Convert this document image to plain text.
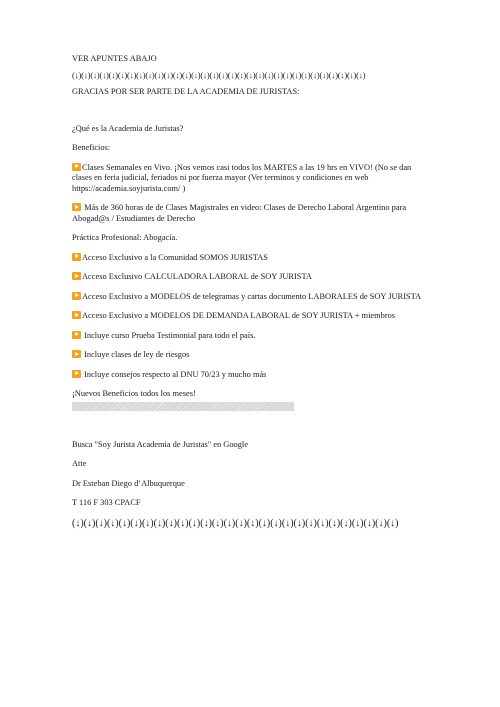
VER APUNTES ABAJO

(↓)(↓)(↓)(↓)(↓)(↓)(↓)(↓)(↓)(↓)(↓)(↓)(↓)(↓)(↓)(↓)(↓)(↓)(↓)(↓)(↓)(↓)(↓)(↓)(↓)(↓)(↓)(↓)(↓)(↓)(↓)(↓)

GRACIAS POR SER PARTE DE LA ACADEMIA DE JURISTAS:

¿Qué es la Academia de Juristas?

Beneficios:

Clases Semanales en Vivo. ¡Nos vemos casi todos los MARTES a las 19 hrs en VIVO! (No se dan clases en feria judicial, feriados ni por fuerza mayor (Ver terminos y condiciones en web https://academia.soyjurista.com/ )

Más de 360 horas de de Clases Magistrales en video: Clases de Derecho Laboral Argentino para Abogad@s / Estudiantes de Derecho

Práctica Profesional: Abogacía.

Acceso Exclusivo a la Comunidad SOMOS JURISTAS

Acceso Exclusivo CALCULADORA LABORAL de SOY JURISTA

Acceso Exclusivo a MODELOS de telegramas y cartas documento LABORALES de SOY JURISTA

Acceso Exclusivo a MODELOS DE DEMANDA LABORAL de SOY JURISTA + miembros

Incluye curso Prueba Testimonial para todo el país.

Incluye clases de ley de riesgos

Incluye consejos respecto al DNU 70/23 y mucho más

¡Nuevos Beneficios todos los meses!

Busca "Soy Jurista Academia de Juristas" en Google

Atte

Dr Esteban Diego d’Albuquerque

T 116 F 303 CPACF

(↓)(↓)(↓)(↓)(↓)(↓)(↓)(↓)(↓)(↓)(↓)(↓)(↓)(↓)(↓)(↓)(↓)(↓)(↓)(↓)(↓)(↓)(↓)(↓)(↓)(↓)(↓)(↓)
